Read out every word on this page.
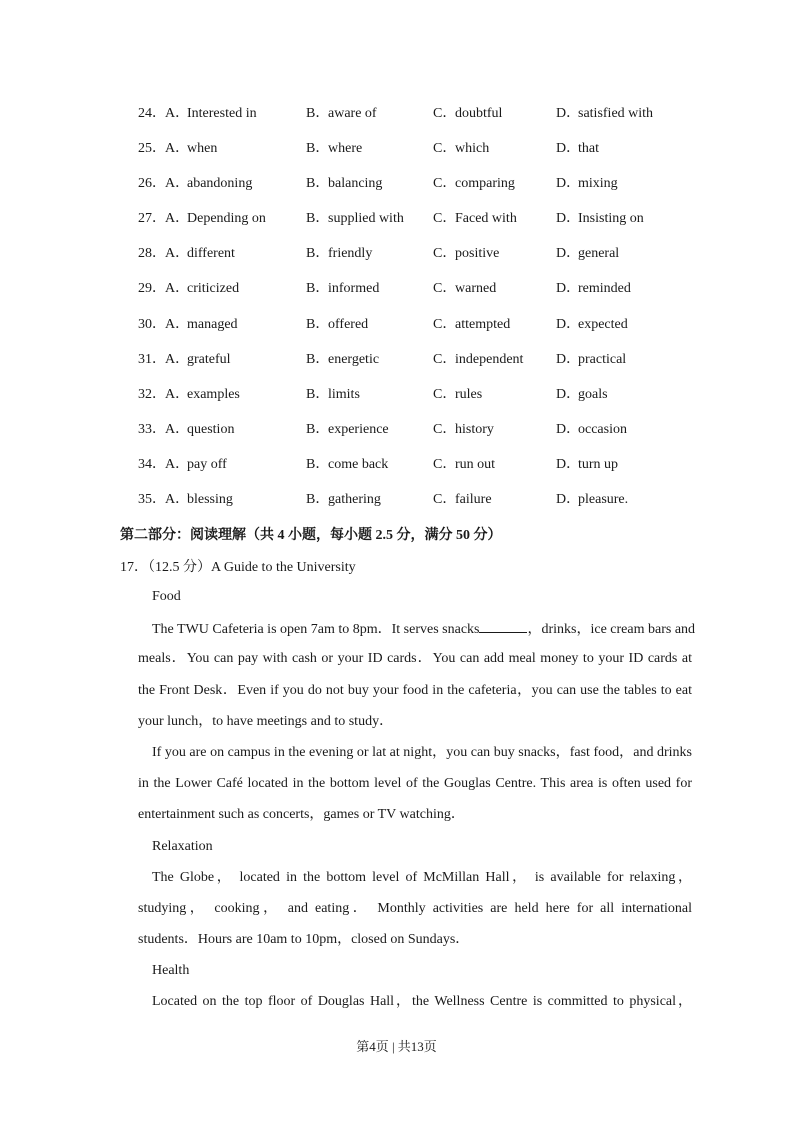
24． A．Interested in	B．aware of	C．doubtful	D．satisfied with
25． A．when	B．where	C．which	D．that
26． A．abandoning	B．balancing	C．comparing	D．mixing
27． A．Depending on	B．supplied with C．Faced with	D．Insisting on
28． A．different	B．friendly	C．positive	D．general
29． A．criticized	B．informed	C．warned	D．reminded
30． A．managed	B．offered	C．attempted	D．expected
31． A．grateful	B．energetic	C．independent D．practical
32． A．examples	B．limits	C．rules	D．goals
33． A．question	B．experience	C．history	D．occasion
34． A．pay off	B．come back	C．run out	D．turn up
35． A．blessing	B．gathering	C．failure	D．pleasure.
第二部分：阅读理解（共 4 小题，每小题 2.5 分，满分 50 分）
17．（12.5 分）A Guide to the University
Food
The TWU Cafeteria is open 7am to 8pm．It serves snacks	，drinks，ice cream bars and
meals．You can pay with cash or your ID cards．You can add meal money to your ID cards at
the Front Desk．Even if you do not buy your food in the cafeteria，you can use the tables to eat
your lunch，to have meetings and to study．
If you are on campus in the evening or lat at night，you can buy snacks，fast food，and drinks
in the Lower Café located in the bottom level of the Gouglas Centre. This area is often used for
entertainment such as concerts，games or TV watching．
Relaxation
The Globe， located in the bottom level of McMillan Hall， is available for relaxing，
studying， cooking， and eating． Monthly activities are held here for all international
students．Hours are 10am to 10pm，closed on Sundays．
Health
Located on the top floor of Douglas Hall，the Wellness Centre is committed to physical，
第4页 | 共13页
